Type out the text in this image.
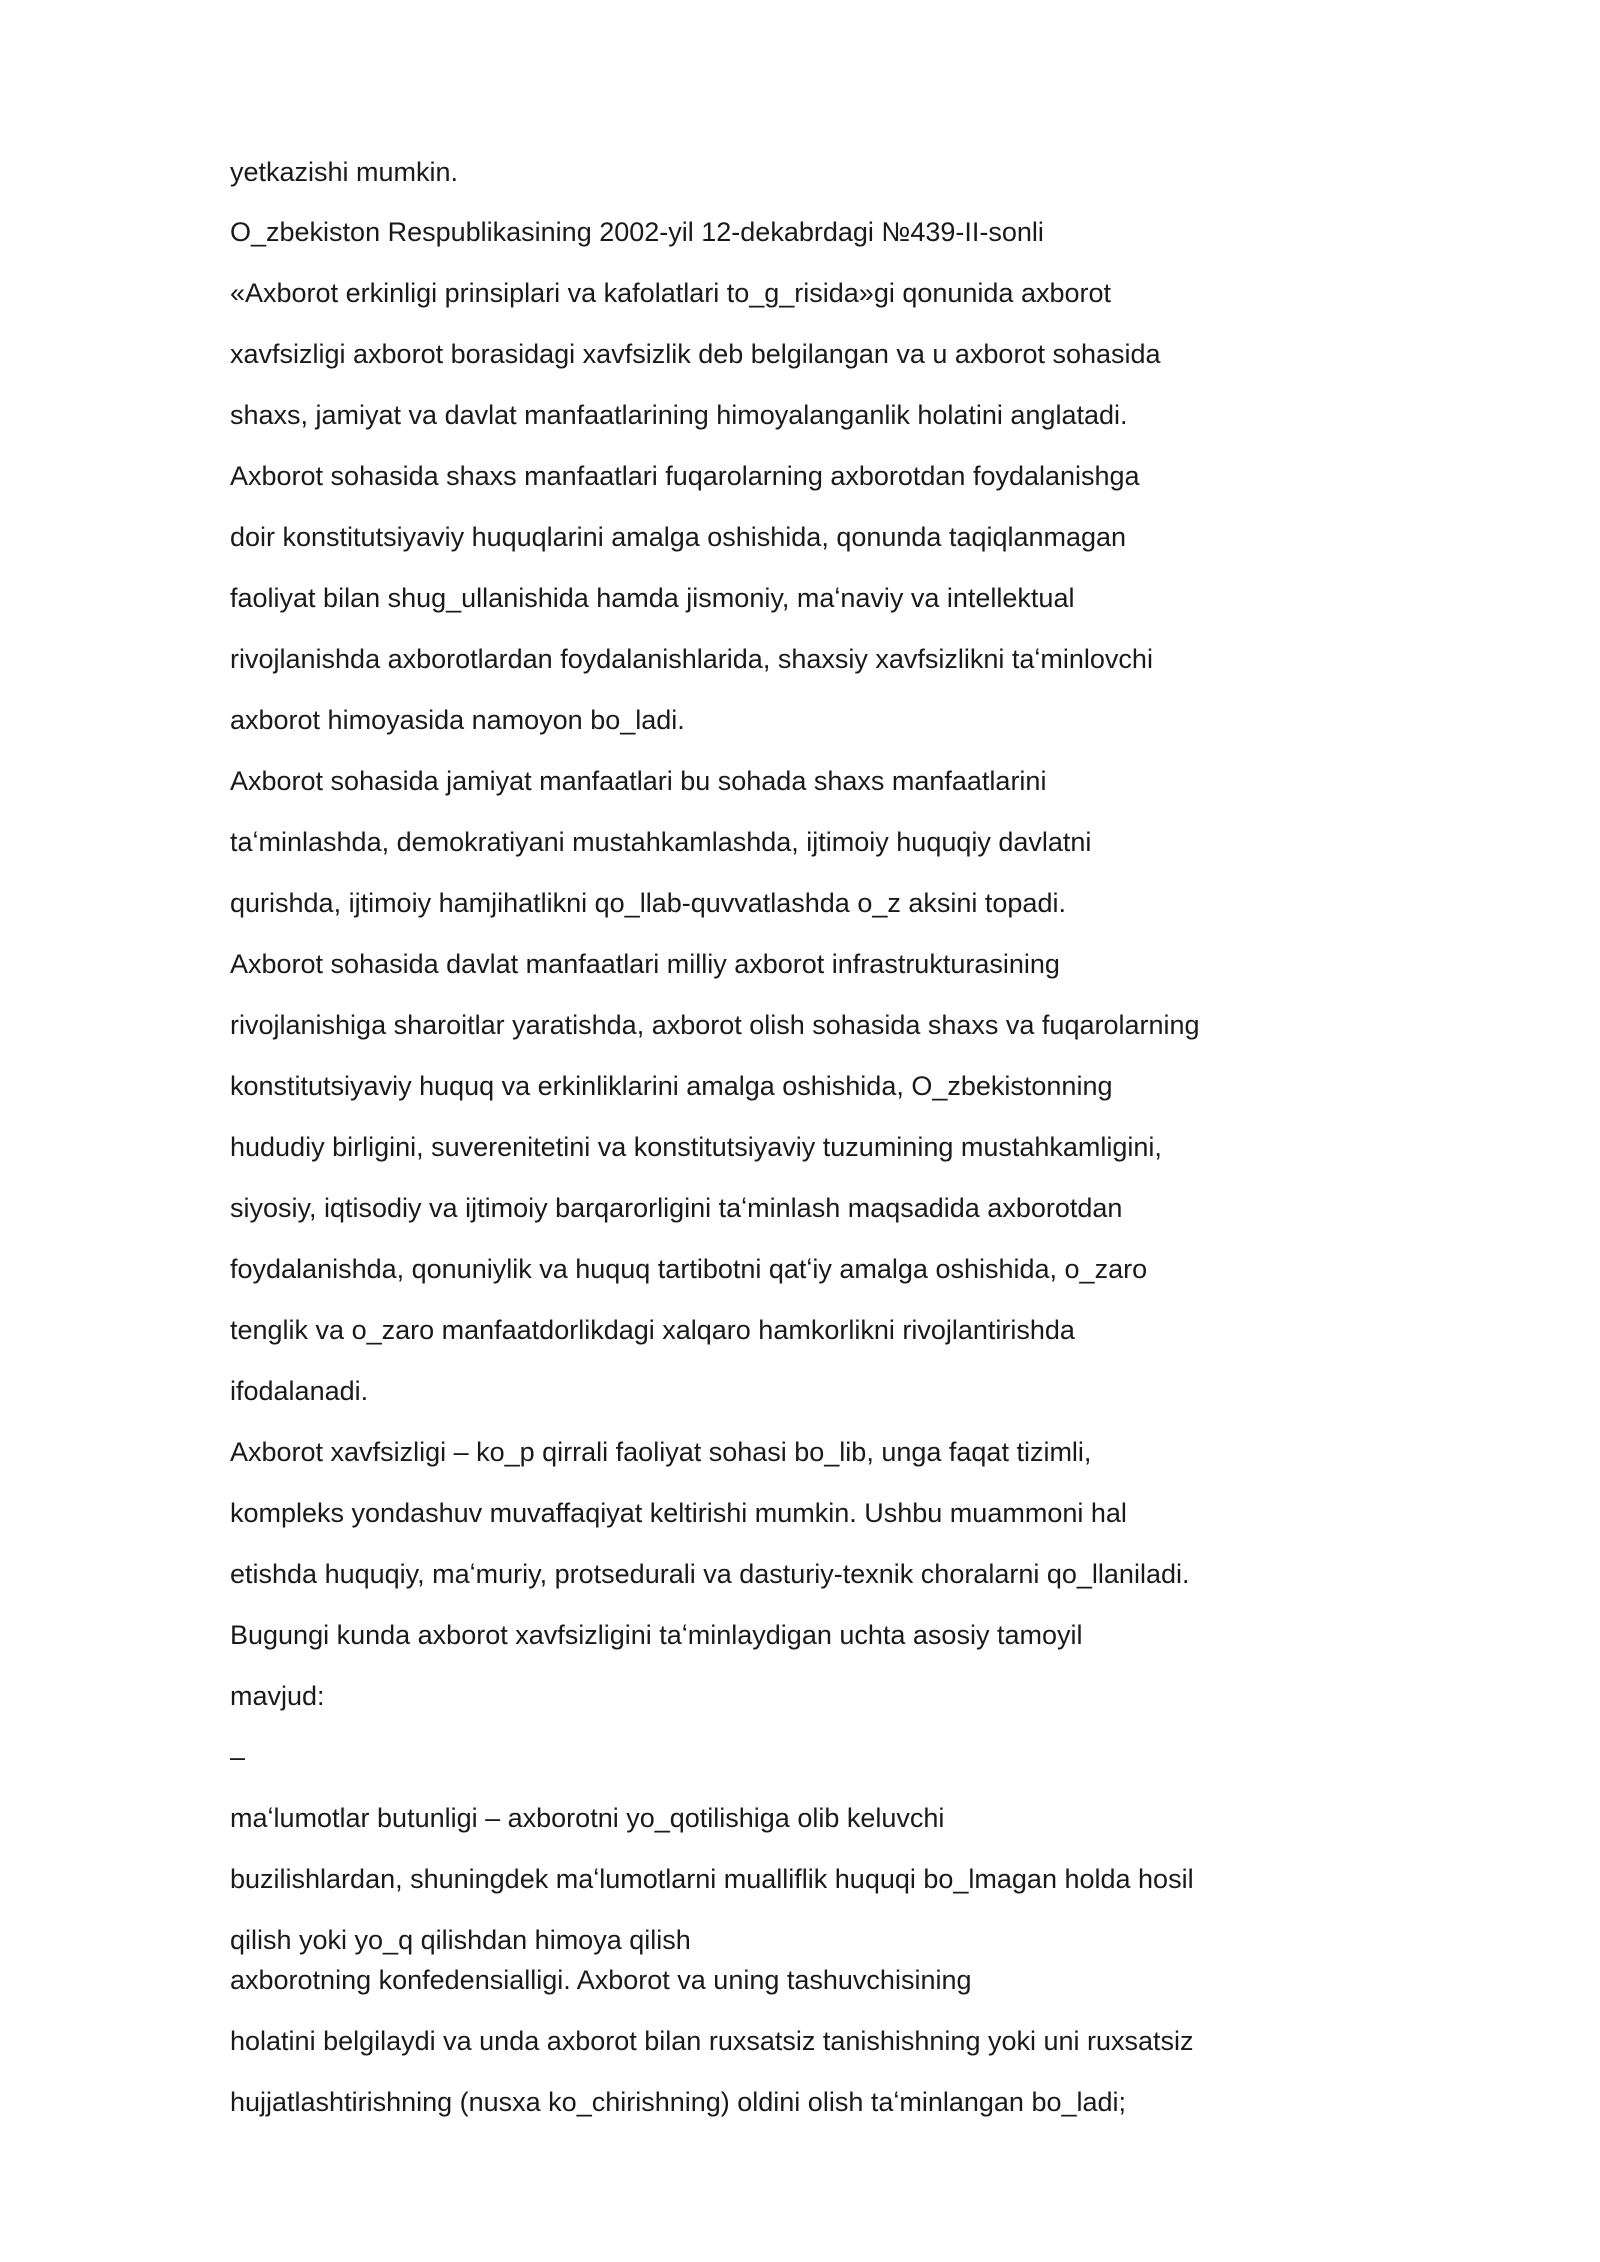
yetkazishi mumkin.

O_zbekiston Respublikasining 2002-yil 12-dekabrdagi №439-II-sonli

«Axborot erkinligi prinsiplari va kafolatlari to_g_risida»gi qonunida axborot

xavfsizligi axborot borasidagi xavfsizlik deb belgilangan va u axborot sohasida

shaxs, jamiyat va davlat manfaatlarining himoyalanganlik holatini anglatadi.

Axborot sohasida shaxs manfaatlari fuqarolarning axborotdan foydalanishga

doir konstitutsiyaviy huquqlarini amalga oshishida, qonunda taqiqlanmagan

faoliyat bilan shug_ullanishida hamda jismoniy, maʻnaviy va intellektual

rivojlanishda axborotlardan foydalanishlarida, shaxsiy xavfsizlikni taʻminlovchi

axborot himoyasida namoyon bo_ladi.

Axborot sohasida jamiyat manfaatlari bu sohada shaxs manfaatlarini

taʻminlashda, demokratiyani mustahkamlashda, ijtimoiy huquqiy davlatni

qurishda, ijtimoiy hamjihatlikni qo_llab-quvvatlashda o_z aksini topadi.

Axborot sohasida davlat manfaatlari milliy axborot infrastrukturasining

rivojlanishiga sharoitlar yaratishda, axborot olish sohasida shaxs va fuqarolarning

konstitutsiyaviy huquq va erkinliklarini amalga oshishida, O_zbekistonning

hududiy birligini, suverenitetini va konstitutsiyaviy tuzumining mustahkamligini,

siyosiy, iqtisodiy va ijtimoiy barqarorligini taʻminlash maqsadida axborotdan

foydalanishda, qonuniylik va huquq tartibotni qatʻiy amalga oshishida, o_zaro

tenglik va o_zaro manfaatdorlikdagi xalqaro hamkorlikni rivojlantirishda

ifodalanadi.

Axborot xavfsizligi – ko_p qirrali faoliyat sohasi bo_lib, unga faqat tizimli,

kompleks yondashuv muvaffaqiyat keltirishi mumkin. Ushbu muammoni hal

etishda huquqiy, maʻmuriy, protsedurali va dasturiy-texnik choralarni qo_llaniladi.

Bugungi kunda axborot xavfsizligini taʻminlaydigan uchta asosiy tamoyil

mavjud:

–

maʻlumotlar butunligi – axborotni yo_qotilishiga olib keluvchi

buzilishlardan, shuningdek maʻlumotlarni mualliflik huquqi bo_lmagan holda hosil

qilish yoki yo_q qilishdan himoya qilish

axborotning konfedensialligi. Axborot va uning tashuvchisining

holatini belgilaydi va unda axborot bilan ruxsatsiz tanishishning yoki uni ruxsatsiz

hujjatlashtirishning (nusxa ko_chirishning) oldini olish taʻminlangan bo_ladi;
